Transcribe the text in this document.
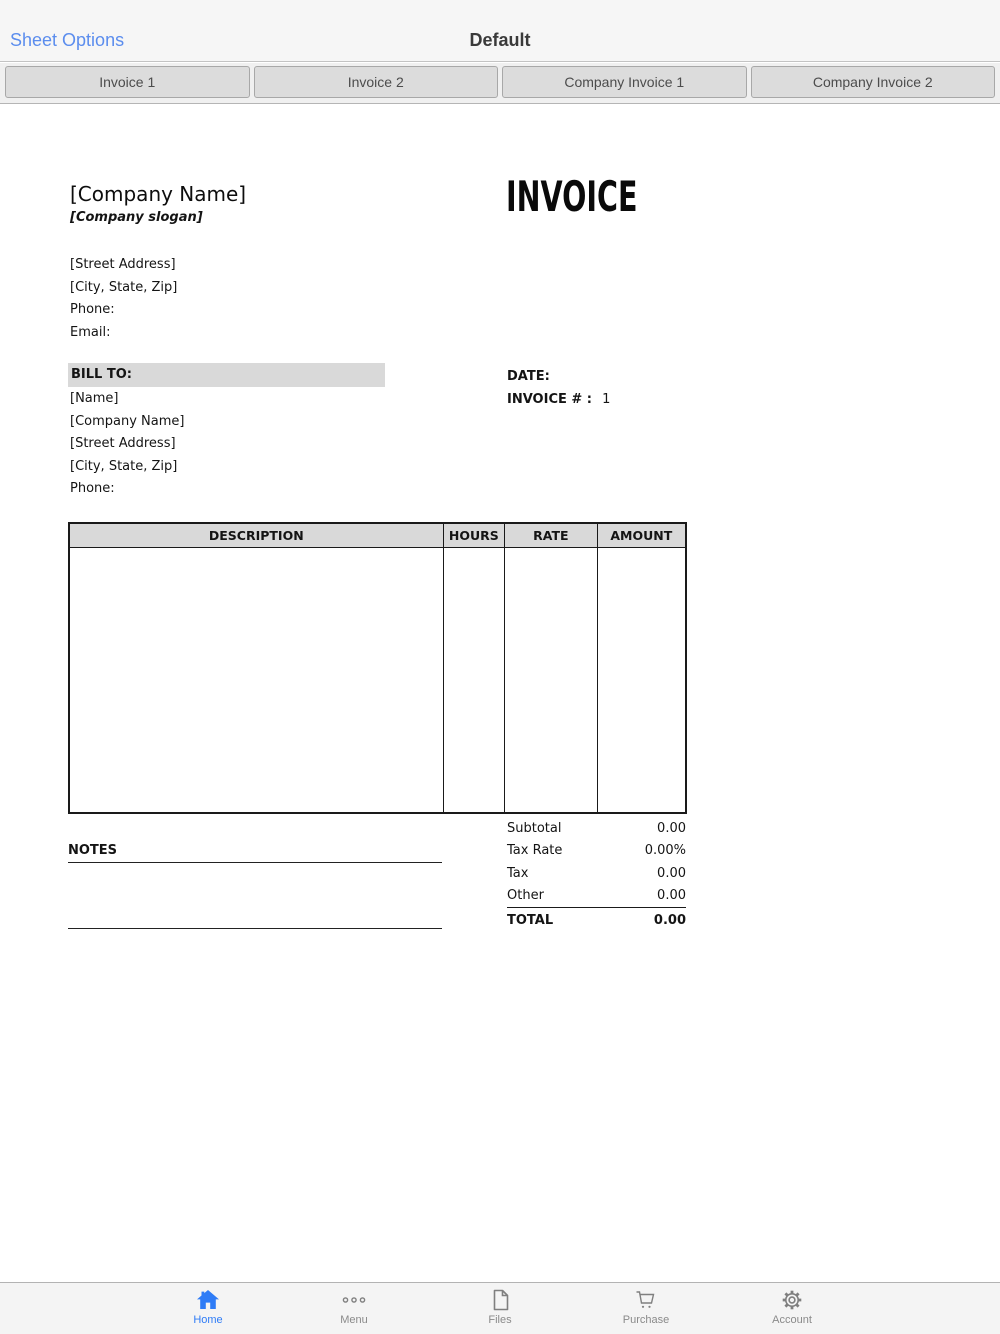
Sheet Options	Default
Invoice 1	Invoice 2	Company Invoice 1	Company Invoice 2
[Company Name]
[Company slogan]
[Street Address]
[City, State, Zip]
Phone:
Email:
INVOICE
BILL TO:
[Name]
[Company Name]
[Street Address]
[City, State, Zip]
Phone:
DATE:
INVOICE # : 1
DESCRIPTION	HOURS	RATE	AMOUNT
Subtotal	0.00
Tax Rate	0.00%
Tax	0.00
Other	0.00
TOTAL	0.00
NOTES
Home	Menu	Files	Purchase	Account
